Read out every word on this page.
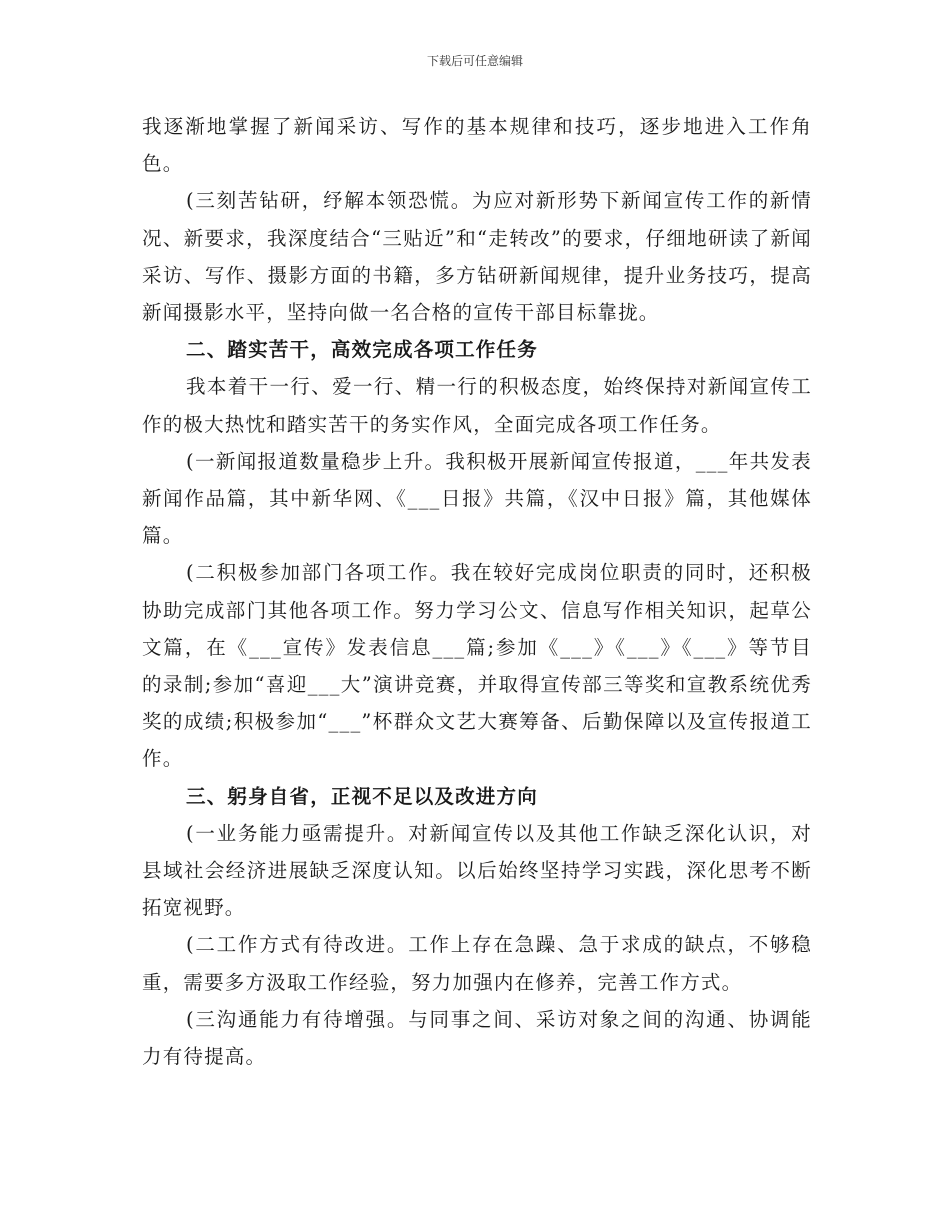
下载后可任意编辑

我逐渐地掌握了新闻采访、写作的基本规律和技巧，逐步地进入工作角色。

(三刻苦钻研，纾解本领恐慌。为应对新形势下新闻宣传工作的新情况、新要求，我深度结合“三贴近”和“走转改”的要求，仔细地研读了新闻采访、写作、摄影方面的书籍，多方钻研新闻规律，提升业务技巧，提高新闻摄影水平，坚持向做一名合格的宣传干部目标靠拢。

二、踏实苦干，高效完成各项工作任务

我本着干一行、爱一行、精一行的积极态度，始终保持对新闻宣传工作的极大热忱和踏实苦干的务实作风，全面完成各项工作任务。

(一新闻报道数量稳步上升。我积极开展新闻宣传报道，___年共发表新闻作品篇，其中新华网、《___日报》共篇，《汉中日报》篇，其他媒体篇。

(二积极参加部门各项工作。我在较好完成岗位职责的同时，还积极协助完成部门其他各项工作。努力学习公文、信息写作相关知识，起草公文篇，在《___宣传》发表信息___篇;参加《___》《___》《___》等节目的录制;参加“喜迎___大”演讲竞赛，并取得宣传部三等奖和宣教系统优秀奖的成绩;积极参加“___”杯群众文艺大赛筹备、后勤保障以及宣传报道工作。

三、躬身自省，正视不足以及改进方向

(一业务能力亟需提升。对新闻宣传以及其他工作缺乏深化认识，对县域社会经济进展缺乏深度认知。以后始终坚持学习实践，深化思考不断拓宽视野。

(二工作方式有待改进。工作上存在急躁、急于求成的缺点，不够稳重，需要多方汲取工作经验，努力加强内在修养，完善工作方式。

(三沟通能力有待增强。与同事之间、采访对象之间的沟通、协调能力有待提高。
